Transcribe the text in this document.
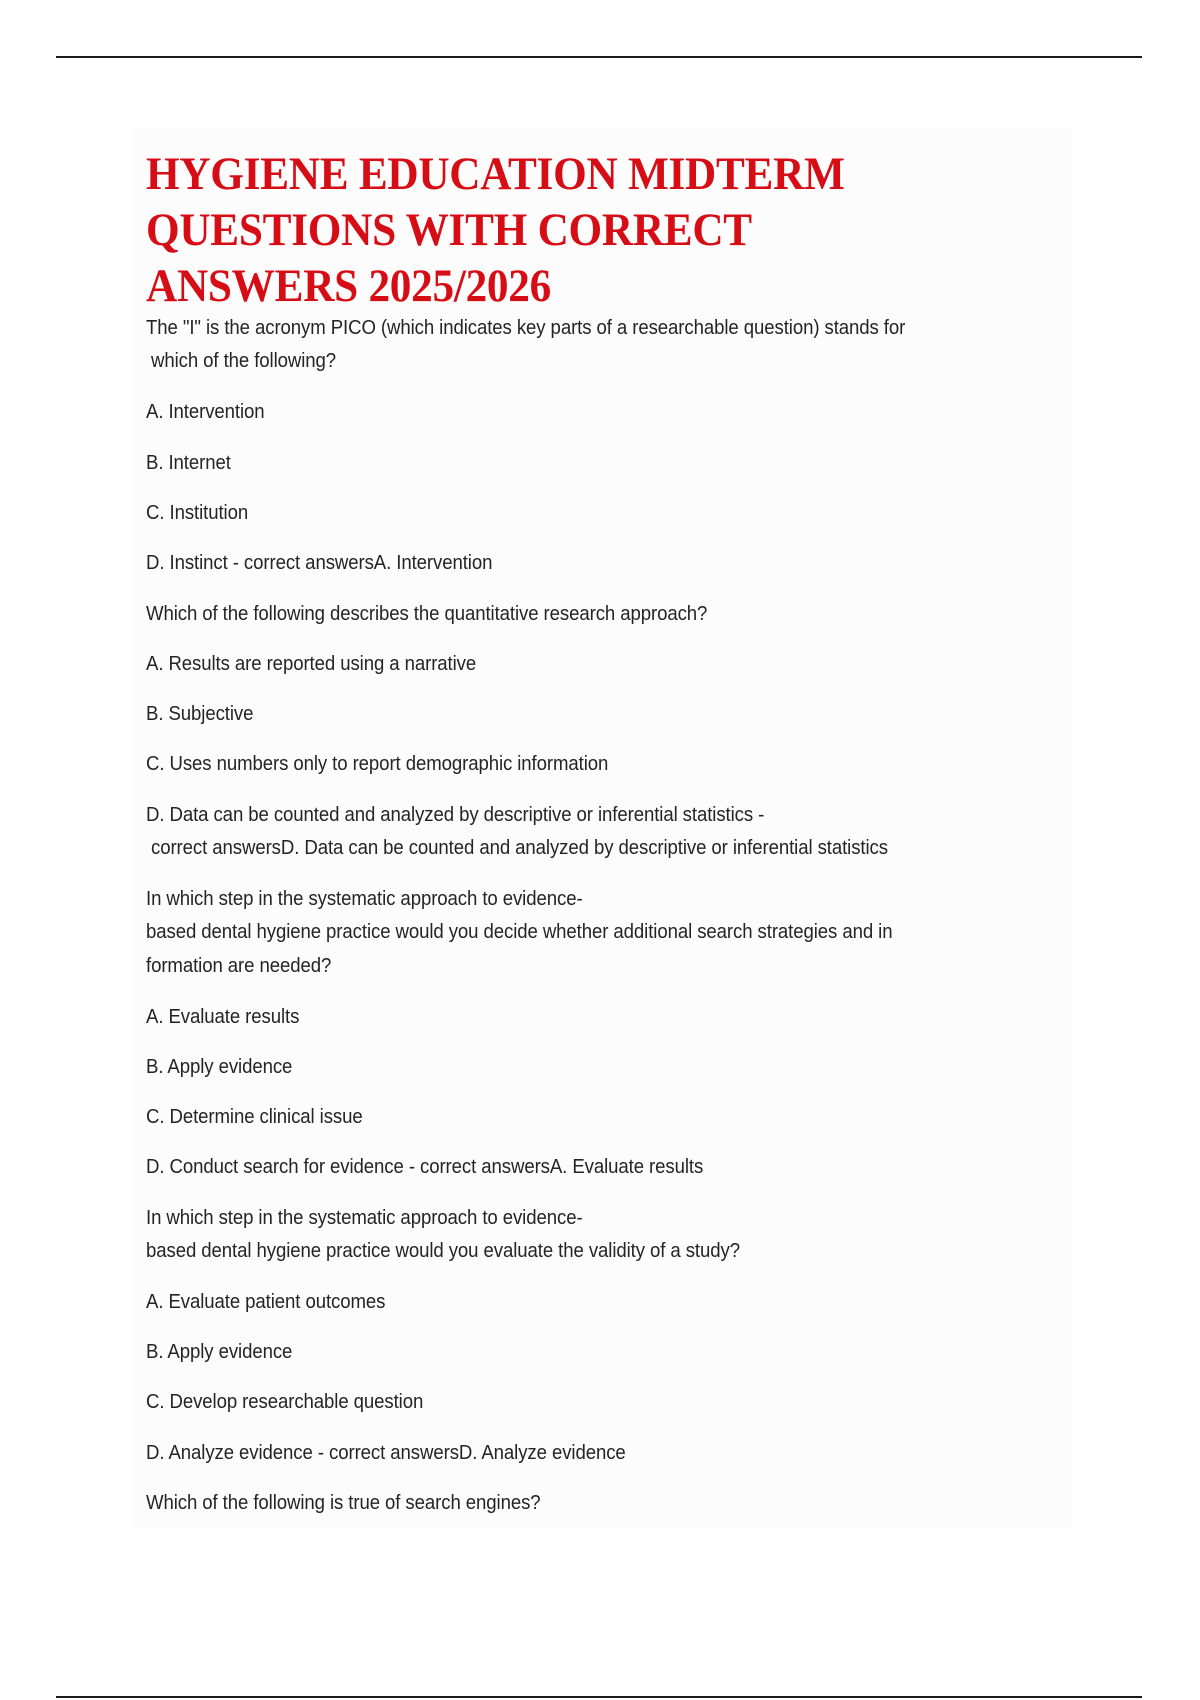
HYGIENE EDUCATION MIDTERM
QUESTIONS WITH CORRECT
ANSWERS 2025/2026
The "I" is the acronym PICO (which indicates key parts of a researchable question) stands for
which of the following?
A. Intervention
B. Internet
C. Institution
D. Instinct - correct answersA. Intervention
Which of the following describes the quantitative research approach?
A. Results are reported using a narrative
B. Subjective
C. Uses numbers only to report demographic information
D. Data can be counted and analyzed by descriptive or inferential statistics -
correct answersD. Data can be counted and analyzed by descriptive or inferential statistics
In which step in the systematic approach to evidence-
based dental hygiene practice would you decide whether additional search strategies and in
formation are needed?
A. Evaluate results
B. Apply evidence
C. Determine clinical issue
D. Conduct search for evidence - correct answersA. Evaluate results
In which step in the systematic approach to evidence-
based dental hygiene practice would you evaluate the validity of a study?
A. Evaluate patient outcomes
B. Apply evidence
C. Develop researchable question
D. Analyze evidence - correct answersD. Analyze evidence
Which of the following is true of search engines?
